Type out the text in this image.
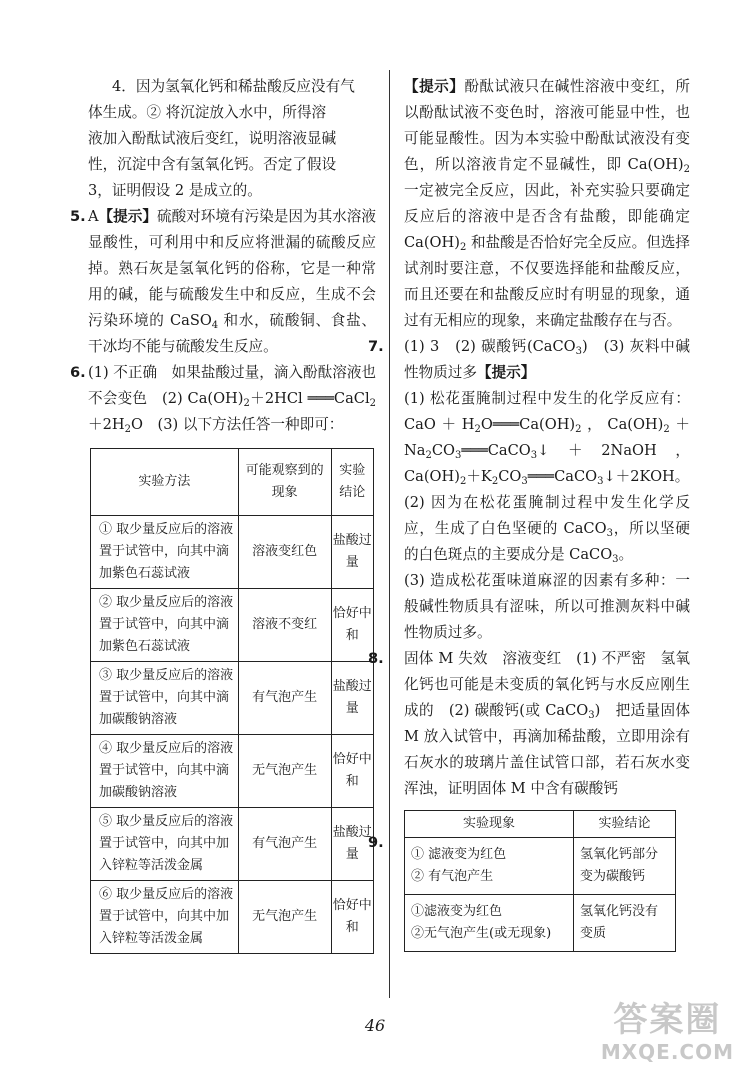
4．因为氢氧化钙和稀盐酸反应没有气

体生成。② 将沉淀放入水中，所得溶

液加入酚酞试液后变红，说明溶液显碱

性，沉淀中含有氢氧化钙。否定了假设

3，证明假设 2 是成立的。

5. A【提示】硫酸对环境有污染是因为其水溶液显酸性，可利用中和反应将泄漏的硫酸反应掉。熟石灰是氢氧化钙的俗称，它是一种常用的碱，能与硫酸发生中和反应，生成不会污染环境的 CaSO$_4$ 和水，硫酸铜、食盐、干冰均不能与硫酸发生反应。

6. (1) 不正确　如果盐酸过量，滴入酚酞溶液也不会变色　(2) $Ca(OH)_2+2HCl$ $═══CaCl_2+2H_2O$　(3) 以下方法任答一种即可：

实验方法	可能观察到的现象	实验结论
① 取少量反应后的溶液置于试管中，向其中滴加紫色石蕊试液	溶液变红色	盐酸过量
② 取少量反应后的溶液置于试管中，向其中滴加紫色石蕊试液	溶液不变红	恰好中和
③ 取少量反应后的溶液置于试管中，向其中滴加碳酸钠溶液	有气泡产生	盐酸过量
④ 取少量反应后的溶液置于试管中，向其中滴加碳酸钠溶液	无气泡产生	恰好中和
⑤ 取少量反应后的溶液置于试管中，向其中加入锌粒等活泼金属	有气泡产生	盐酸过量
⑥ 取少量反应后的溶液置于试管中，向其中加入锌粒等活泼金属	无气泡产生	恰好中和

【提示】酚酞试液只在碱性溶液中变红，所以酚酞试液不变色时，溶液可能显中性，也可能显酸性。因为本实验中酚酞试液没有变色，所以溶液肯定不显碱性，即 $Ca(OH)_2$ 一定被完全反应，因此，补充实验只要确定反应后的溶液中是否含有盐酸，即能确定 $Ca(OH)_2$ 和盐酸是否恰好完全反应。但选择试剂时要注意，不仅要选择能和盐酸反应，而且还要在和盐酸反应时有明显的现象，通过有无相应的现象，来确定盐酸存在与否。

7. (1) 3　(2) 碳酸钙(CaCO$_3$)　(3) 灰料中碱性物质过多【提示】

(1) 松花蛋腌制过程中发生的化学反应有：$CaO+H_2O═══Ca(OH)_2$，$Ca(OH)_2+Na_2CO_3═══CaCO_3↓+2NaOH$，$Ca(OH)_2+K_2CO_3═══CaCO_3↓+2KOH$。

(2) 因为在松花蛋腌制过程中发生化学反应，生成了白色坚硬的 CaCO$_3$，所以坚硬的白色斑点的主要成分是 CaCO$_3$。

(3) 造成松花蛋味道麻涩的因素有多种：一般碱性物质具有涩味，所以可推测灰料中碱性物质过多。

8. 固体 M 失效　溶液变红　(1) 不严密　氢氧化钙也可能是未变质的氧化钙与水反应刚生成的　(2) 碳酸钙(或 CaCO$_3$)　把适量固体 M 放入试管中，再滴加稀盐酸，立即用涂有石灰水的玻璃片盖住试管口部，若石灰水变浑浊，证明固体 M 中含有碳酸钙

9.
实验现象	实验结论

① 滤液变为红色
② 有气泡产生	氢氧化钙部分变为碳酸钙

①滤液变为红色
②无气泡产生(或无现象)	氢氧化钙没有变质
46	答案圈
MXQE.COM
